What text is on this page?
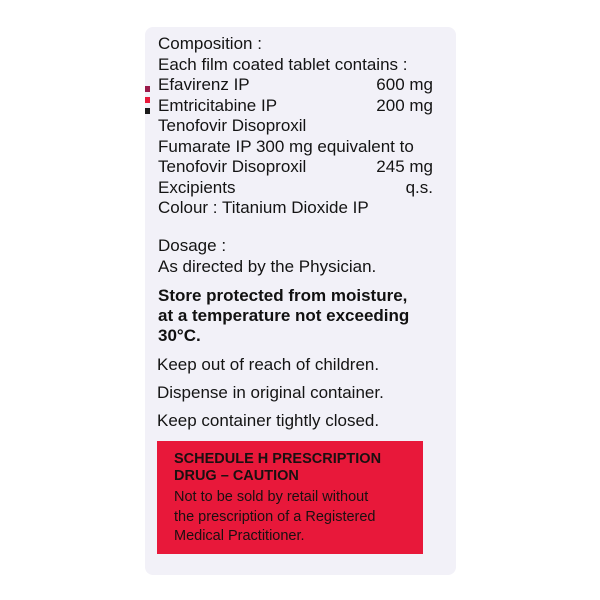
Composition :
Each film coated tablet contains :
Efavirenz IP	600 mg
Emtricitabine IP	200 mg
Tenofovir Disoproxil
Fumarate IP 300 mg equivalent to
Tenofovir Disoproxil	245 mg
Excipients	q.s.
Colour : Titanium Dioxide IP
Dosage :
As directed by the Physician.
Store protected from moisture,
at a temperature not exceeding
30°C.
Keep out of reach of children.
Dispense in original container.
Keep container tightly closed.
SCHEDULE H PRESCRIPTION
DRUG – CAUTION
Not to be sold by retail without
the prescription of a Registered
Medical Practitioner.
